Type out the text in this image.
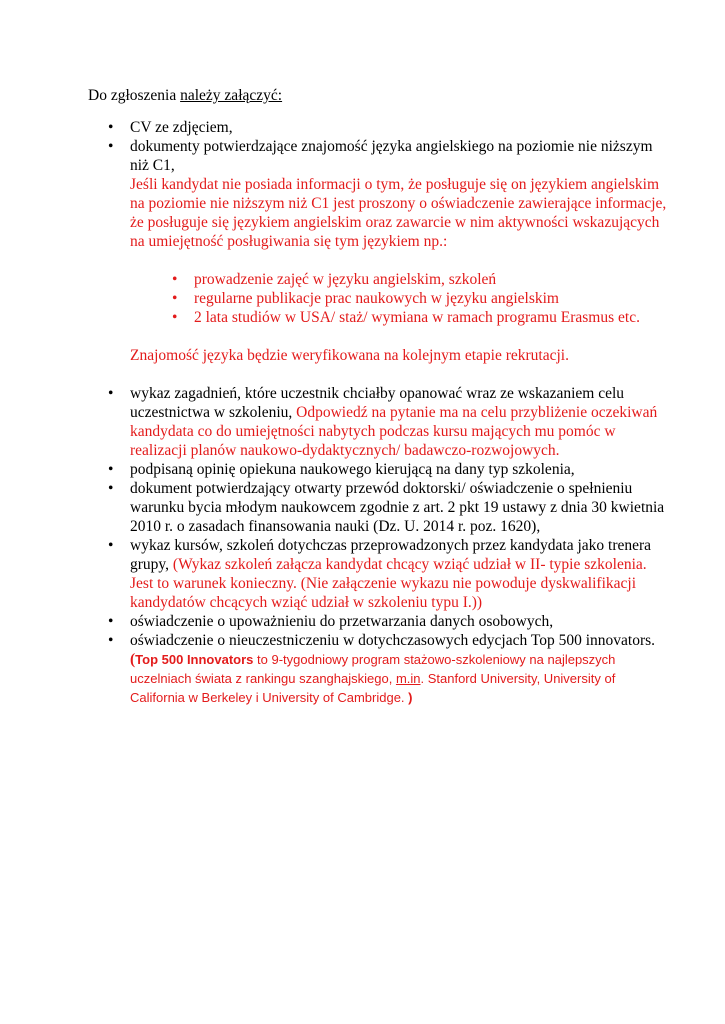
Do zgłoszenia należy załączyć:
•	CV ze zdjęciem,
•	dokumenty potwierdzające znajomość języka angielskiego na poziomie nie niższym
niż C1,
Jeśli kandydat nie posiada informacji o tym, że posługuje się on językiem angielskim
na poziomie nie niższym niż C1 jest proszony o oświadczenie zawierające informacje,
że posługuje się językiem angielskim oraz zawarcie w nim aktywności wskazujących
na umiejętność posługiwania się tym językiem np.:
• prowadzenie zajęć w języku angielskim, szkoleń
• regularne publikacje prac naukowych w języku angielskim
• 2 lata studiów w USA/ staż/ wymiana w ramach programu Erasmus etc.
Znajomość języka będzie weryfikowana na kolejnym etapie rekrutacji.
•	wykaz zagadnień, które uczestnik chciałby opanować wraz ze wskazaniem celu
uczestnictwa w szkoleniu, Odpowiedź na pytanie ma na celu przybliżenie oczekiwań
kandydata co do umiejętności nabytych podczas kursu mających mu pomóc w
realizacji planów naukowo-dydaktycznych/ badawczo-rozwojowych.
•	podpisaną opinię opiekuna naukowego kierującą na dany typ szkolenia,
•	dokument potwierdzający otwarty przewód doktorski/ oświadczenie o spełnieniu
warunku bycia młodym naukowcem zgodnie z art. 2 pkt 19 ustawy z dnia 30 kwietnia
2010 r. o zasadach finansowania nauki (Dz. U. 2014 r. poz. 1620),
•	wykaz kursów, szkoleń dotychczas przeprowadzonych przez kandydata jako trenera
grupy, (Wykaz szkoleń załącza kandydat chcący wziąć udział w II- typie szkolenia.
Jest to warunek konieczny. (Nie załączenie wykazu nie powoduje dyskwalifikacji
kandydatów chcących wziąć udział w szkoleniu typu I.))
•	oświadczenie o upoważnieniu do przetwarzania danych osobowych,
•	oświadczenie o nieuczestniczeniu w dotychczasowych edycjach Top 500 innovators.
(Top 500 Innovators to 9-tygodniowy program stażowo-szkoleniowy na najlepszych
uczelniach świata z rankingu szanghajskiego, m.in. Stanford University, University of
California w Berkeley i University of Cambridge. )
